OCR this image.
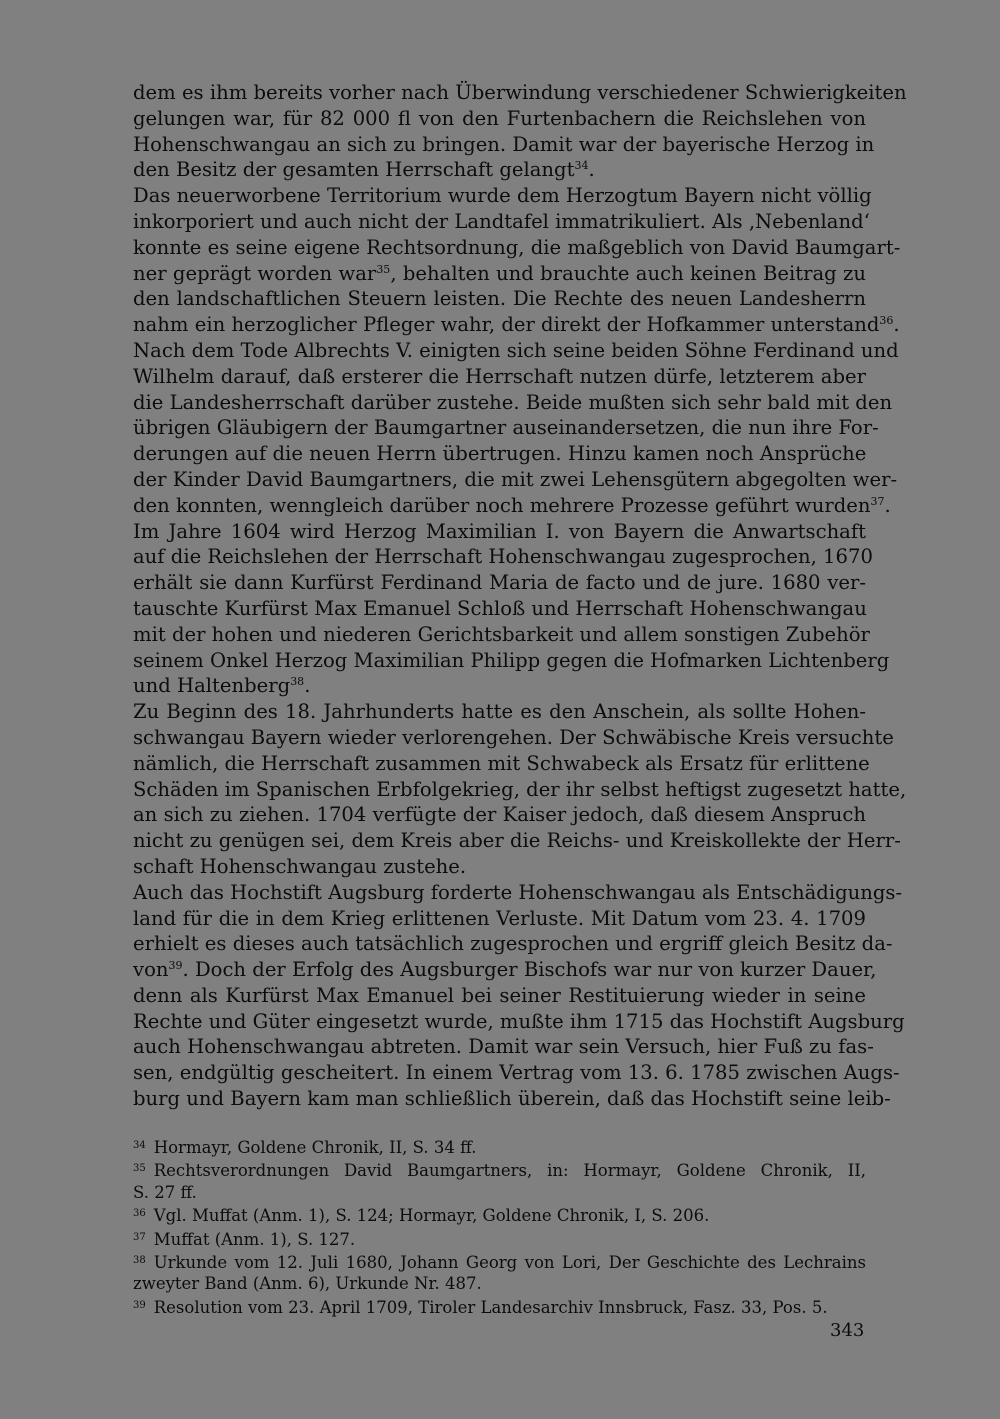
dem es ihm bereits vorher nach Überwindung verschiedener Schwierigkeiten
gelungen war, für 82 000 fl von den Furtenbachern die Reichslehen von
Hohenschwangau an sich zu bringen. Damit war der bayerische Herzog in
den Besitz der gesamten Herrschaft gelangt$^{34}$.

Das neuerworbene Territorium wurde dem Herzogtum Bayern nicht völlig
inkorporiert und auch nicht der Landtafel immatrikuliert. Als ‚Nebenland‘
konnte es seine eigene Rechtsordnung, die maßgeblich von David Baumgart-
ner geprägt worden war$^{35}$, behalten und brauchte auch keinen Beitrag zu
den landschaftlichen Steuern leisten. Die Rechte des neuen Landesherrn
nahm ein herzoglicher Pfleger wahr, der direkt der Hofkammer unterstand$^{36}$.

Nach dem Tode Albrechts V. einigten sich seine beiden Söhne Ferdinand und
Wilhelm darauf, daß ersterer die Herrschaft nutzen dürfe, letzterem aber
die Landesherrschaft darüber zustehe. Beide mußten sich sehr bald mit den
übrigen Gläubigern der Baumgartner auseinandersetzen, die nun ihre For-
derungen auf die neuen Herrn übertrugen. Hinzu kamen noch Ansprüche
der Kinder David Baumgartners, die mit zwei Lehensgütern abgegolten wer-
den konnten, wenngleich darüber noch mehrere Prozesse geführt wurden$^{37}$.

Im Jahre 1604 wird Herzog Maximilian I. von Bayern die Anwartschaft
auf die Reichslehen der Herrschaft Hohenschwangau zugesprochen, 1670
erhält sie dann Kurfürst Ferdinand Maria de facto und de jure. 1680 ver-
tauschte Kurfürst Max Emanuel Schloß und Herrschaft Hohenschwangau
mit der hohen und niederen Gerichtsbarkeit und allem sonstigen Zubehör
seinem Onkel Herzog Maximilian Philipp gegen die Hofmarken Lichtenberg
und Haltenberg$^{38}$.

Zu Beginn des 18. Jahrhunderts hatte es den Anschein, als sollte Hohen-
schwangau Bayern wieder verlorengehen. Der Schwäbische Kreis versuchte
nämlich, die Herrschaft zusammen mit Schwabeck als Ersatz für erlittene
Schäden im Spanischen Erbfolgekrieg, der ihr selbst heftigst zugesetzt hatte,
an sich zu ziehen. 1704 verfügte der Kaiser jedoch, daß diesem Anspruch
nicht zu genügen sei, dem Kreis aber die Reichs- und Kreiskollekte der Herr-
schaft Hohenschwangau zustehe.

Auch das Hochstift Augsburg forderte Hohenschwangau als Entschädigungs-
land für die in dem Krieg erlittenen Verluste. Mit Datum vom 23. 4. 1709
erhielt es dieses auch tatsächlich zugesprochen und ergriff gleich Besitz da-
von$^{39}$. Doch der Erfolg des Augsburger Bischofs war nur von kurzer Dauer,
denn als Kurfürst Max Emanuel bei seiner Restituierung wieder in seine
Rechte und Güter eingesetzt wurde, mußte ihm 1715 das Hochstift Augsburg
auch Hohenschwangau abtreten. Damit war sein Versuch, hier Fuß zu fas-
sen, endgültig gescheitert. In einem Vertrag vom 13. 6. 1785 zwischen Augs-
burg und Bayern kam man schließlich überein, daß das Hochstift seine leib-

$^{34}$ Hormayr, Goldene Chronik, II, S. 34 ff.
$^{35}$ Rechtsverordnungen David Baumgartners, in: Hormayr, Goldene Chronik, II,
S. 27 ff.
$^{36}$ Vgl. Muffat (Anm. 1), S. 124; Hormayr, Goldene Chronik, I, S. 206.
$^{37}$ Muffat (Anm. 1), S. 127.
$^{38}$ Urkunde vom 12. Juli 1680, Johann Georg von Lori, Der Geschichte des Lechrains
zweyter Band (Anm. 6), Urkunde Nr. 487.
$^{39}$ Resolution vom 23. April 1709, Tiroler Landesarchiv Innsbruck, Fasz. 33, Pos. 5.
343
